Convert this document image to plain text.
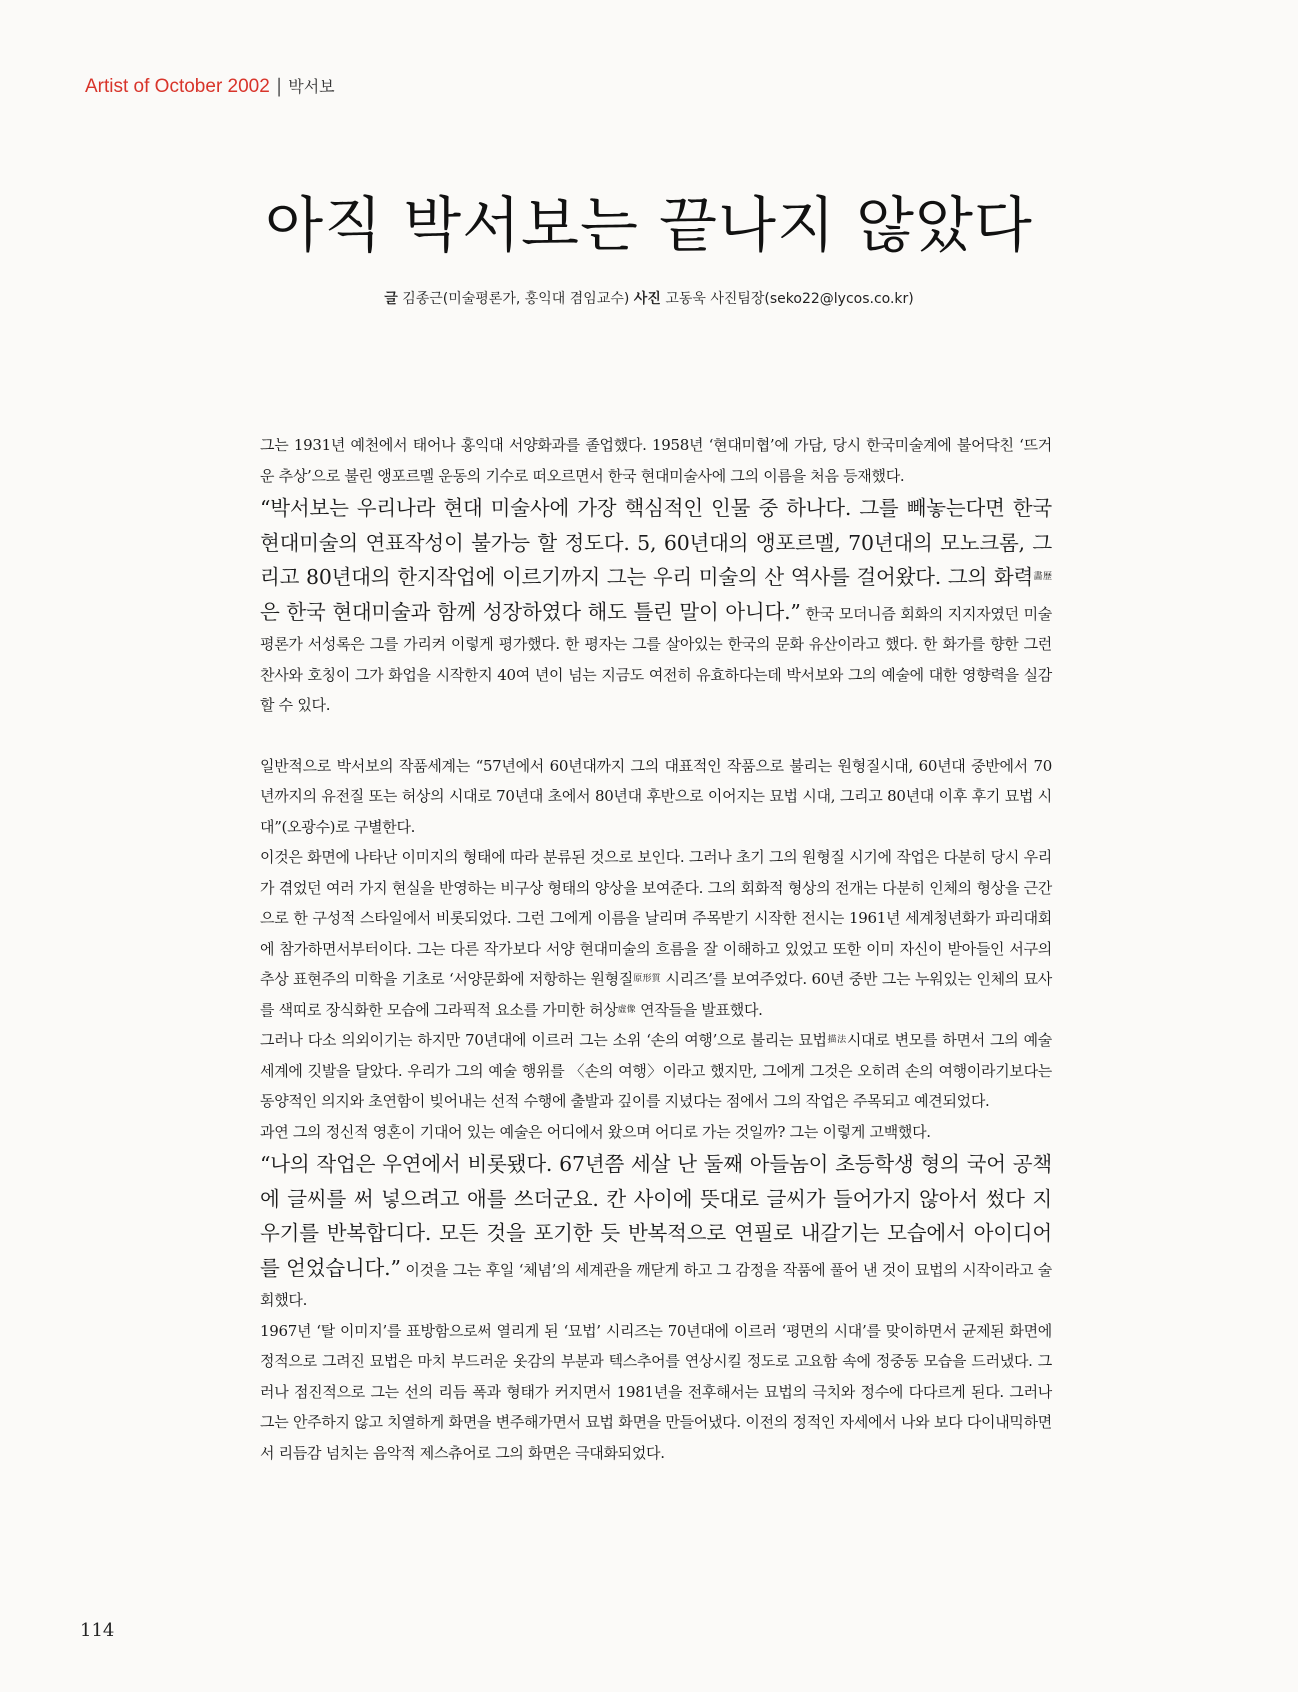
Artist of October 2002 | 박서보
아직 박서보는 끝나지 않았다
글 김종근(미술평론가, 홍익대 겸임교수) 사진 고동욱 사진팀장(seko22@lycos.co.kr)

그는 1931년 예천에서 태어나 홍익대 서양화과를 졸업했다. 1958년 ‘현대미협’에 가담, 당시 한국미술계에 불어닥친 ‘뜨거운 추상’으로 불린 앵포르멜 운동의 기수로 떠오르면서 한국 현대미술사에 그의 이름을 처음 등재했다.

“박서보는 우리나라 현대 미술사에 가장 핵심적인 인물 중 하나다. 그를 빼놓는다면 한국 현대미술의 연표작성이 불가능 할 정도다. 5, 60년대의 앵포르멜, 70년대의 모노크롬, 그리고 80년대의 한지작업에 이르기까지 그는 우리 미술의 산 역사를 걸어왔다. 그의 화력$^{畵歷}$은 한국 현대미술과 함께 성장하였다 해도 틀린 말이 아니다.” 한국 모더니즘 회화의 지지자였던 미술평론가 서성록은 그를 가리켜 이렇게 평가했다. 한 평자는 그를 살아있는 한국의 문화 유산이라고 했다. 한 화가를 향한 그런 찬사와 호칭이 그가 화업을 시작한지 40여 년이 넘는 지금도 여전히 유효하다는데 박서보와 그의 예술에 대한 영향력을 실감할 수 있다.

일반적으로 박서보의 작품세계는 “57년에서 60년대까지 그의 대표적인 작품으로 불리는 원형질시대, 60년대 중반에서 70년까지의 유전질 또는 허상의 시대로 70년대 초에서 80년대 후반으로 이어지는 묘법 시대, 그리고 80년대 이후 후기 묘법 시대”(오광수)로 구별한다.

이것은 화면에 나타난 이미지의 형태에 따라 분류된 것으로 보인다. 그러나 초기 그의 원형질 시기에 작업은 다분히 당시 우리가 겪었던 여러 가지 현실을 반영하는 비구상 형태의 양상을 보여준다. 그의 회화적 형상의 전개는 다분히 인체의 형상을 근간으로 한 구성적 스타일에서 비롯되었다. 그런 그에게 이름을 날리며 주목받기 시작한 전시는 1961년 세계청년화가 파리대회에 참가하면서부터이다. 그는 다른 작가보다 서양 현대미술의 흐름을 잘 이해하고 있었고 또한 이미 자신이 받아들인 서구의 추상 표현주의 미학을 기초로 ‘서양문화에 저항하는 원형질$^{原形質}$ 시리즈’를 보여주었다. 60년 중반 그는 누워있는 인체의 묘사를 색띠로 장식화한 모습에 그라픽적 요소를 가미한 허상$^{虛像}$ 연작들을 발표했다.

그러나 다소 의외이기는 하지만 70년대에 이르러 그는 소위 ‘손의 여행’으로 불리는 묘법$^{描法}$시대로 변모를 하면서 그의 예술세계에 깃발을 달았다. 우리가 그의 예술 행위를 〈손의 여행〉이라고 했지만, 그에게 그것은 오히려 손의 여행이라기보다는 동양적인 의지와 초연함이 빚어내는 선적 수행에 출발과 깊이를 지녔다는 점에서 그의 작업은 주목되고 예견되었다.

과연 그의 정신적 영혼이 기대어 있는 예술은 어디에서 왔으며 어디로 가는 것일까? 그는 이렇게 고백했다.

“나의 작업은 우연에서 비롯됐다. 67년쯤 세살 난 둘째 아들놈이 초등학생 형의 국어 공책에 글씨를 써 넣으려고 애를 쓰더군요. 칸 사이에 뜻대로 글씨가 들어가지 않아서 썼다 지우기를 반복합디다. 모든 것을 포기한 듯 반복적으로 연필로 내갈기는 모습에서 아이디어를 얻었습니다.” 이것을 그는 후일 ‘체념’의 세계관을 깨닫게 하고 그 감정을 작품에 풀어 낸 것이 묘법의 시작이라고 술회했다.

1967년 ‘탈 이미지’를 표방함으로써 열리게 된 ‘묘법’ 시리즈는 70년대에 이르러 ‘평면의 시대’를 맞이하면서 균제된 화면에 정적으로 그려진 묘법은 마치 부드러운 옷감의 부분과 텍스추어를 연상시킬 정도로 고요함 속에 정중동 모습을 드러냈다. 그러나 점진적으로 그는 선의 리듬 폭과 형태가 커지면서 1981년을 전후해서는 묘법의 극치와 정수에 다다르게 된다. 그러나 그는 안주하지 않고 치열하게 화면을 변주해가면서 묘법 화면을 만들어냈다. 이전의 정적인 자세에서 나와 보다 다이내믹하면서 리듬감 넘치는 음악적 제스츄어로 그의 화면은 극대화되었다.

114
